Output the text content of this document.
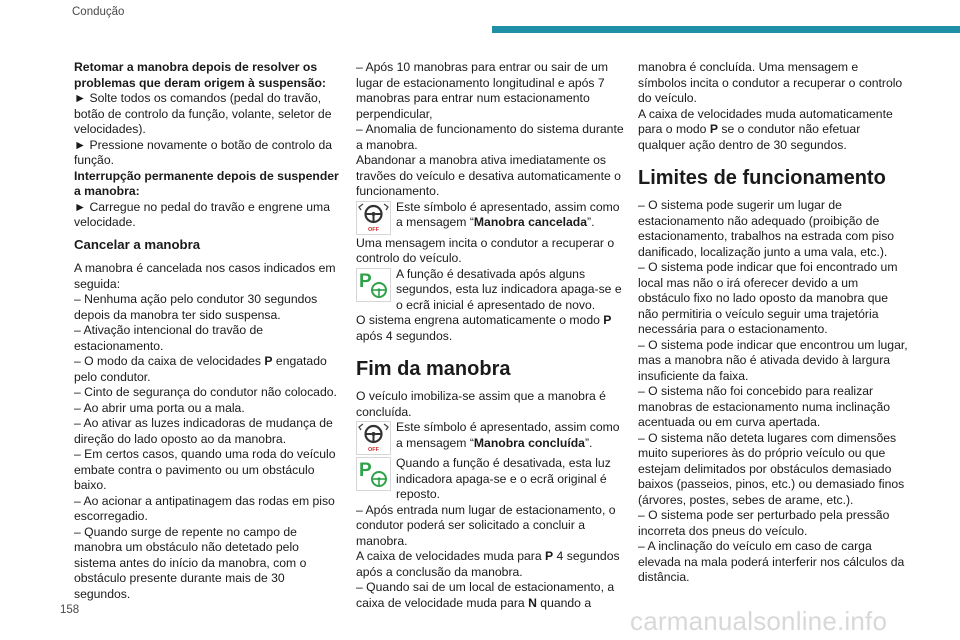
Condução

Retomar a manobra depois de resolver os problemas que deram origem à suspensão:

► Solte todos os comandos (pedal do travão, botão de controlo da função, volante, seletor de velocidades).

► Pressione novamente o botão de controlo da função.

Interrupção permanente depois de suspender a manobra:

► Carregue no pedal do travão e engrene uma velocidade.

Cancelar a manobra

A manobra é cancelada nos casos indicados em seguida:

– Nenhuma ação pelo condutor 30 segundos depois da manobra ter sido suspensa.

– Ativação intencional do travão de estacionamento.

– O modo da caixa de velocidades P engatado pelo condutor.

– Cinto de segurança do condutor não colocado.

– Ao abrir uma porta ou a mala.

– Ao ativar as luzes indicadoras de mudança de direção do lado oposto ao da manobra.

– Em certos casos, quando uma roda do veículo embate contra o pavimento ou um obstáculo baixo.

– Ao acionar a antipatinagem das rodas em piso escorregadio.

– Quando surge de repente no campo de manobra um obstáculo não detetado pelo sistema antes do início da manobra, com o obstáculo presente durante mais de 30 segundos.

– Após 10 manobras para entrar ou sair de um lugar de estacionamento longitudinal e após 7 manobras para entrar num estacionamento perpendicular,

– Anomalia de funcionamento do sistema durante a manobra.

Abandonar a manobra ativa imediatamente os travões do veículo e desativa automaticamente o funcionamento.

OFF

Este símbolo é apresentado, assim como a mensagem “Manobra cancelada”.

Uma mensagem incita o condutor a recuperar o controlo do veículo.

P A função é desativada após alguns segundos, esta luz indicadora apaga-se e o ecrã inicial é apresentado de novo.

O sistema engrena automaticamente o modo P após 4 segundos.

Fim da manobra

O veículo imobiliza-se assim que a manobra é concluída.

OFF

Este símbolo é apresentado, assim como a mensagem “Manobra concluída”.

P Quando a função é desativada, esta luz indicadora apaga-se e o ecrã original é reposto.

– Após entrada num lugar de estacionamento, o condutor poderá ser solicitado a concluir a manobra.

A caixa de velocidades muda para P 4 segundos após a conclusão da manobra.

– Quando sai de um local de estacionamento, a caixa de velocidade muda para N quando a

manobra é concluída. Uma mensagem e símbolos incita o condutor a recuperar o controlo do veículo.

A caixa de velocidades muda automaticamente para o modo P se o condutor não efetuar qualquer ação dentro de 30 segundos.

Limites de funcionamento

– O sistema pode sugerir um lugar de estacionamento não adequado (proibição de estacionamento, trabalhos na estrada com piso danificado, localização junto a uma vala, etc.).

– O sistema pode indicar que foi encontrado um local mas não o irá oferecer devido a um obstáculo fixo no lado oposto da manobra que não permitiria o veículo seguir uma trajetória necessária para o estacionamento.

– O sistema pode indicar que encontrou um lugar, mas a manobra não é ativada devido à largura insuficiente da faixa.

– O sistema não foi concebido para realizar manobras de estacionamento numa inclinação acentuada ou em curva apertada.

– O sistema não deteta lugares com dimensões muito superiores às do próprio veículo ou que estejam delimitados por obstáculos demasiado baixos (passeios, pinos, etc.) ou demasiado finos (árvores, postes, sebes de arame, etc.).

– O sistema pode ser perturbado pela pressão incorreta dos pneus do veículo.

– A inclinação do veículo em caso de carga elevada na mala poderá interferir nos cálculos da distância.

158	carmanualsonline.info
